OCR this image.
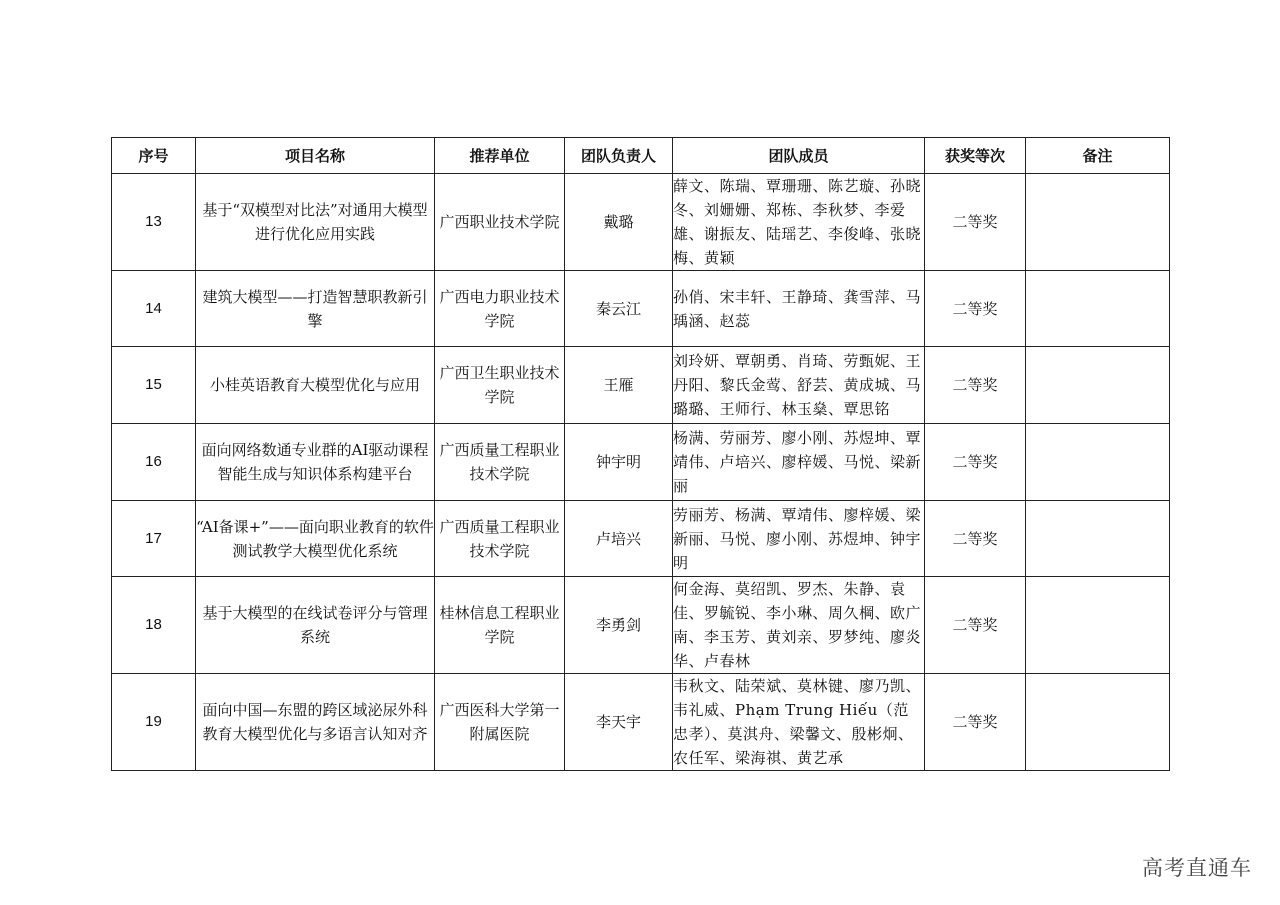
序号	项目名称	推荐单位	团队负责人	团队成员	获奖等次	备注
13	基于“双模型对比法”对通用大模型进行优化应用实践	广西职业技术学院	戴璐	薛文、陈瑞、覃珊珊、陈艺璇、孙晓冬、刘姗姗、郑栋、李秋梦、李爱雄、谢振友、陆瑶艺、李俊峰、张晓梅、黄颖	二等奖	
14	建筑大模型——打造智慧职教新引擎	广西电力职业技术学院	秦云江	孙俏、宋丰轩、王静琦、龚雪萍、马瑀涵、赵蕊	二等奖	
15	小桂英语教育大模型优化与应用	广西卫生职业技术学院	王雁	刘玲妍、覃朝勇、肖琦、劳甄妮、王丹阳、黎氏金莺、舒芸、黄成城、马璐璐、王师行、林玉燊、覃思铭	二等奖	
16	面向网络数通专业群的AI驱动课程智能生成与知识体系构建平台	广西质量工程职业技术学院	钟宇明	杨满、劳丽芳、廖小刚、苏煜坤、覃靖伟、卢培兴、廖梓媛、马悦、梁新丽	二等奖	
17	“AI备课+”——面向职业教育的软件测试教学大模型优化系统	广西质量工程职业技术学院	卢培兴	劳丽芳、杨满、覃靖伟、廖梓媛、梁新丽、马悦、廖小刚、苏煜坤、钟宇明	二等奖	
18	基于大模型的在线试卷评分与管理系统	桂林信息工程职业学院	李勇剑	何金海、莫绍凯、罗杰、朱静、袁佳、罗毓锐、李小琳、周久棡、欧广南、李玉芳、黄刘亲、罗梦纯、廖炎华、卢春林	二等奖	
19	面向中国—东盟的跨区域泌尿外科教育大模型优化与多语言认知对齐	广西医科大学第一附属医院	李天宇	韦秋文、陆荣斌、莫林键、廖乃凯、韦礼威、Phạm Trung Hiếu（范忠孝）、莫淇舟、梁馨文、殷彬炯、农任军、梁海祺、黄艺承	二等奖	
高考直通车
